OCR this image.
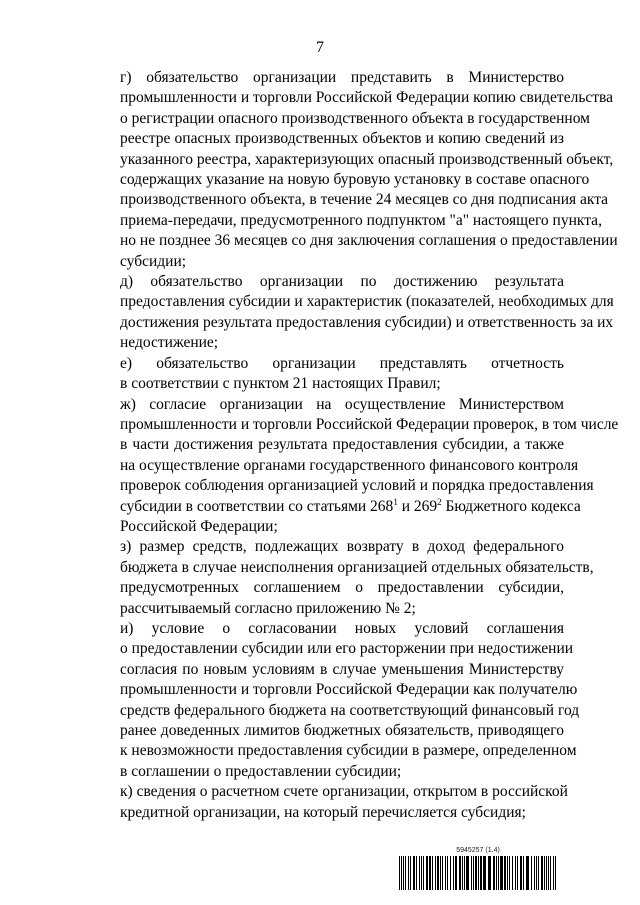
7

г) обязательство организации представить в Министерство
промышленности и торговли Российской Федерации копию свидетельства
о регистрации опасного производственного объекта в государственном
реестре опасных производственных объектов и копию сведений из
указанного реестра, характеризующих опасный производственный объект,
содержащих указание на новую буровую установку в составе опасного
производственного объекта, в течение 24 месяцев со дня подписания акта
приема-передачи, предусмотренного подпунктом "а" настоящего пункта,
но не позднее 36 месяцев со дня заключения соглашения о предоставлении
субсидии;

д) обязательство организации по достижению результата
предоставления субсидии и характеристик (показателей, необходимых для
достижения результата предоставления субсидии) и ответственность за их
недостижение;

е) обязательство организации представлять отчетность
в соответствии с пунктом 21 настоящих Правил;

ж) согласие организации на осуществление Министерством
промышленности и торговли Российской Федерации проверок, в том числе
в части достижения результата предоставления субсидии, а также
на осуществление органами государственного финансового контроля
проверок соблюдения организацией условий и порядка предоставления
субсидии в соответствии со статьями $268^1$ и $269^2$ Бюджетного кодекса
Российской Федерации;

з) размер средств, подлежащих возврату в доход федерального
бюджета в случае неисполнения организацией отдельных обязательств,
предусмотренных соглашением о предоставлении субсидии,
рассчитываемый согласно приложению № 2;

и) условие о согласовании новых условий соглашения
о предоставлении субсидии или его расторжении при недостижении
согласия по новым условиям в случае уменьшения Министерству
промышленности и торговли Российской Федерации как получателю
средств федерального бюджета на соответствующий финансовый год
ранее доведенных лимитов бюджетных обязательств, приводящего
к невозможности предоставления субсидии в размере, определенном
в соглашении о предоставлении субсидии;

к) сведения о расчетном счете организации, открытом в российской
кредитной организации, на который перечисляется субсидия;

5945257 (1.4)
